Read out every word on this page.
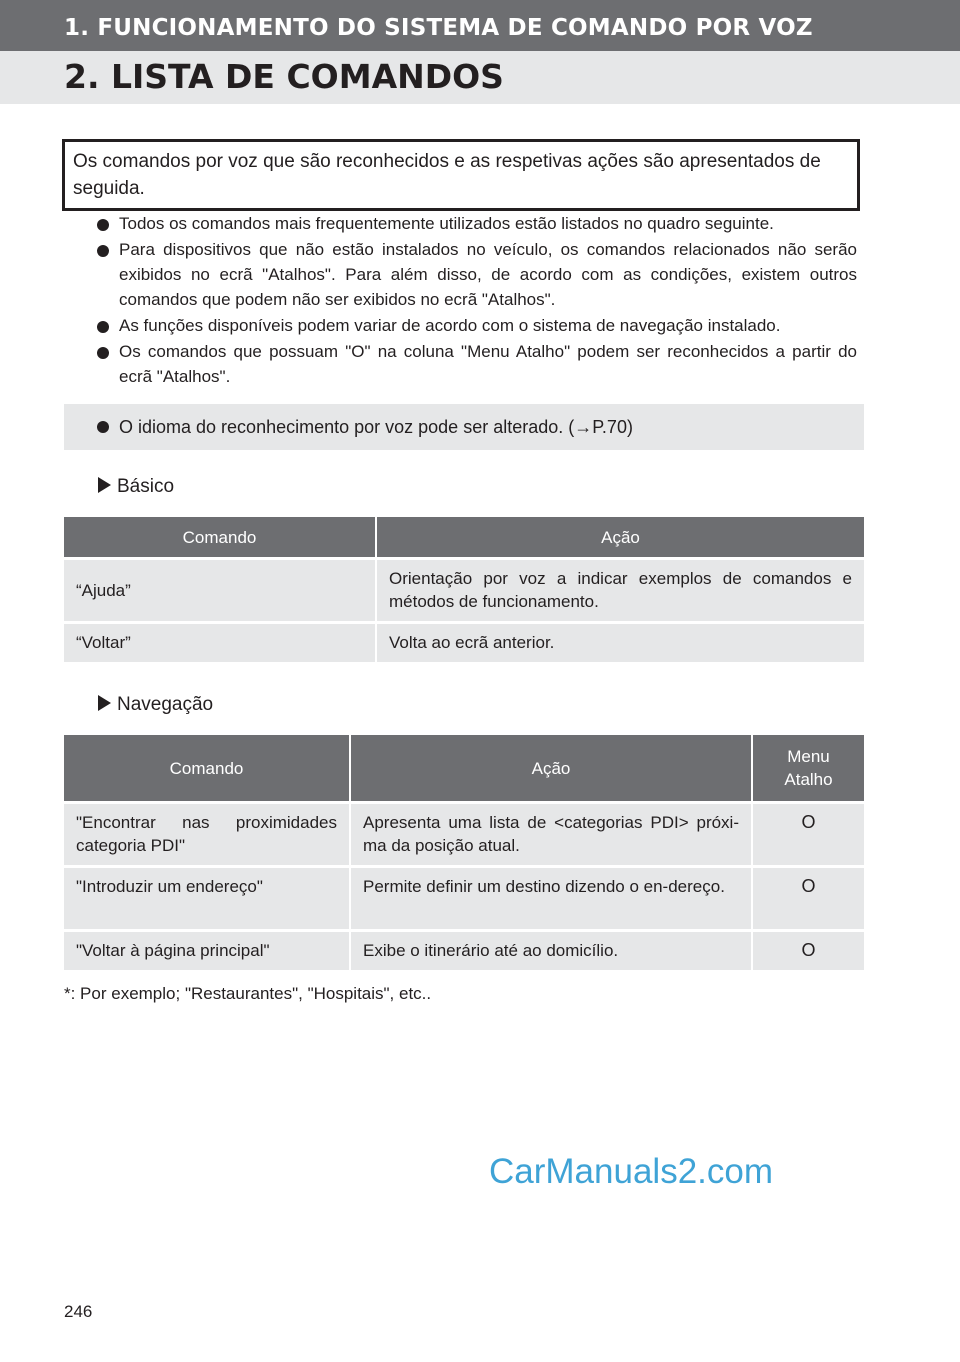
1. FUNCIONAMENTO DO SISTEMA DE COMANDO POR VOZ
2. LISTA DE COMANDOS
Os comandos por voz que são reconhecidos e as respetivas ações são apresentados de seguida.
Todos os comandos mais frequentemente utilizados estão listados no quadro seguinte.
Para dispositivos que não estão instalados no veículo, os comandos relacionados não serão exibidos no ecrã "Atalhos". Para além disso, de acordo com as condições, existem outros comandos que podem não ser exibidos no ecrã "Atalhos".
As funções disponíveis podem variar de acordo com o sistema de navegação instalado.
Os comandos que possuam "O" na coluna "Menu Atalho" podem ser reconhecidos a partir do ecrã "Atalhos".
O idioma do reconhecimento por voz pode ser alterado. (→P.70)
Básico
Comando	Ação
“Ajuda”	Orientação por voz a indicar exemplos de comandos e métodos de funcionamento.
“Voltar”	Volta ao ecrã anterior.
Navegação
Comando	Ação	Menu Atalho
"Encontrar nas proximidades categoria PDI"	Apresenta uma lista de <categorias PDI> próxi-ma da posição atual.	O
"Introduzir um endereço"	Permite definir um destino dizendo o en-dereço.	O
"Voltar à página principal"	Exibe o itinerário até ao domicílio.	O
*: Por exemplo; "Restaurantes", "Hospitais", etc..
CarManuals2.com
246
